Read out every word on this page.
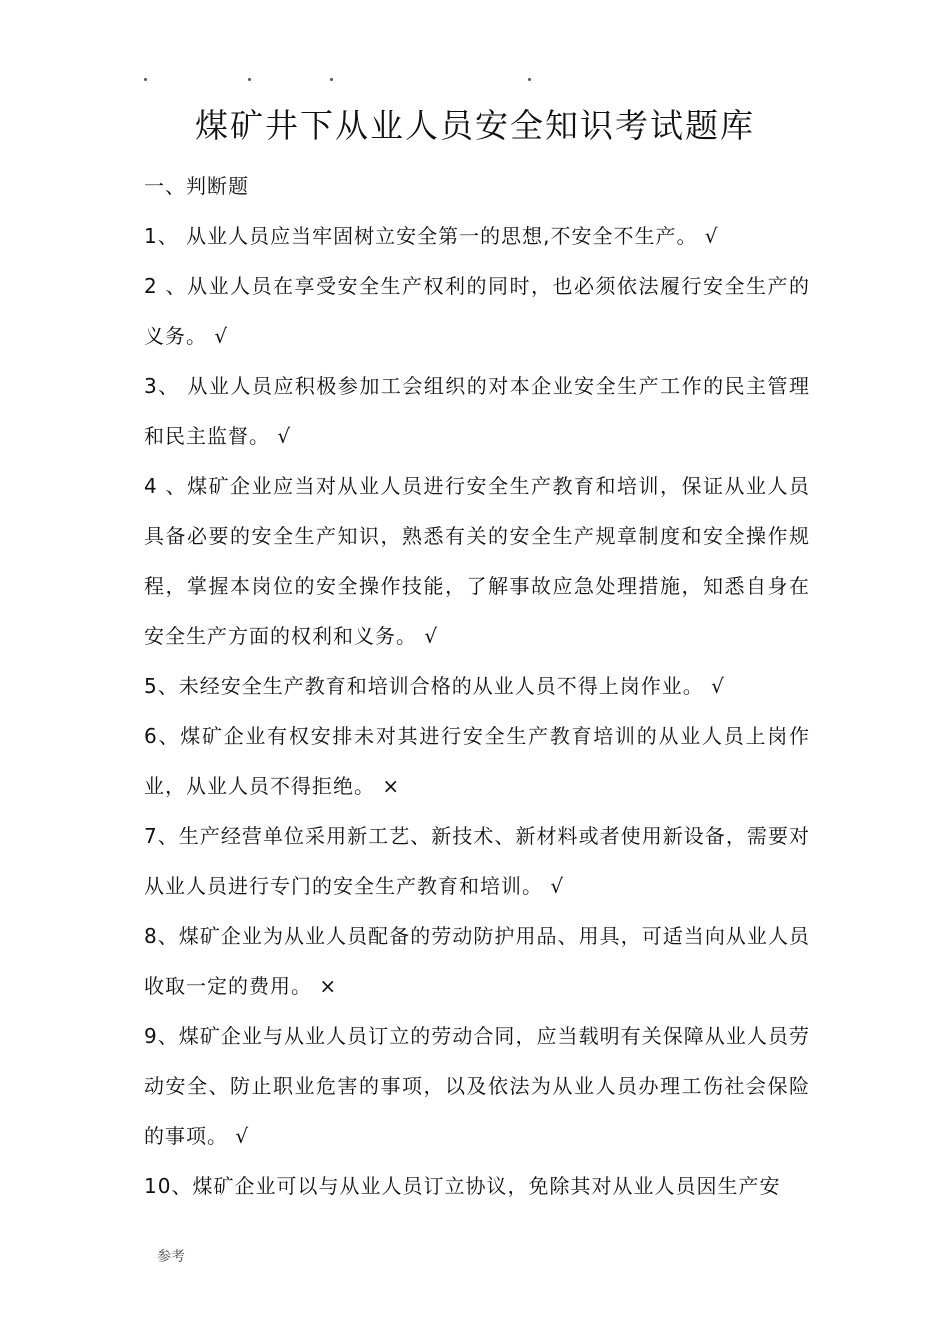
煤矿井下从业人员安全知识考试题库

一、判断题

1、 从业人员应当牢固树立安全第一的思想,不安全不生产。 √

2 、从业人员在享受安全生产权利的同时，也必须依法履行安全生产的义务。 √

3、 从业人员应积极参加工会组织的对本企业安全生产工作的民主管理和民主监督。 √

4 、煤矿企业应当对从业人员进行安全生产教育和培训，保证从业人员具备必要的安全生产知识，熟悉有关的安全生产规章制度和安全操作规程，掌握本岗位的安全操作技能，了解事故应急处理措施，知悉自身在安全生产方面的权利和义务。 √

5、未经安全生产教育和培训合格的从业人员不得上岗作业。 √

6、煤矿企业有权安排未对其进行安全生产教育培训的从业人员上岗作业，从业人员不得拒绝。 ×

7、生产经营单位采用新工艺、新技术、新材料或者使用新设备，需要对从业人员进行专门的安全生产教育和培训。 √

8、煤矿企业为从业人员配备的劳动防护用品、用具，可适当向从业人员收取一定的费用。 ×

9、煤矿企业与从业人员订立的劳动合同，应当载明有关保障从业人员劳动安全、防止职业危害的事项，以及依法为从业人员办理工伤社会保险的事项。 √

10、煤矿企业可以与从业人员订立协议，免除其对从业人员因生产安

参考
